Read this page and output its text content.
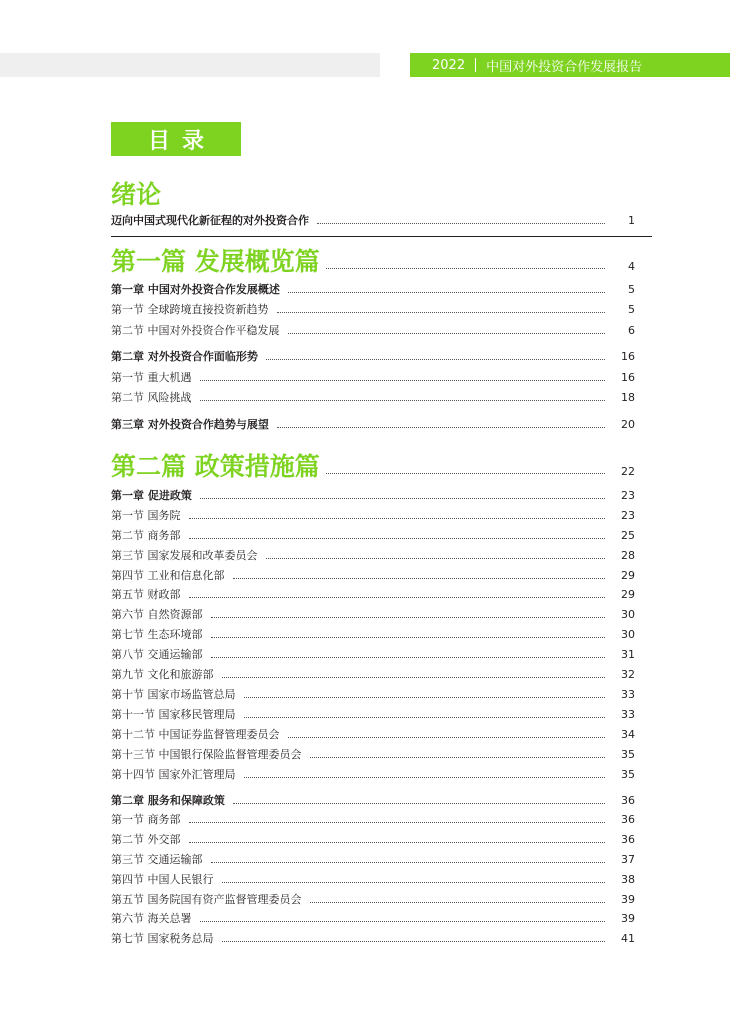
2022 中国对外投资合作发展报告
目录
绪论
迈向中国式现代化新征程的对外投资合作	1
第一篇 发展概览篇	4
第一章 中国对外投资合作发展概述	5
第一节 全球跨境直接投资新趋势	5
第二节 中国对外投资合作平稳发展	6
第二章 对外投资合作面临形势	16
第一节 重大机遇	16
第二节 风险挑战	18
第三章 对外投资合作趋势与展望	20
第二篇 政策措施篇	22
第一章 促进政策	23
第一节 国务院	23
第二节 商务部	25
第三节 国家发展和改革委员会	28
第四节 工业和信息化部	29
第五节 财政部	29
第六节 自然资源部	30
第七节 生态环境部	30
第八节 交通运输部	31
第九节 文化和旅游部	32
第十节 国家市场监管总局	33
第十一节 国家移民管理局	33
第十二节 中国证券监督管理委员会	34
第十三节 中国银行保险监督管理委员会	35
第十四节 国家外汇管理局	35
第二章 服务和保障政策	36
第一节 商务部	36
第二节 外交部	36
第三节 交通运输部	37
第四节 中国人民银行	38
第五节 国务院国有资产监督管理委员会	39
第六节 海关总署	39
第七节 国家税务总局	41
